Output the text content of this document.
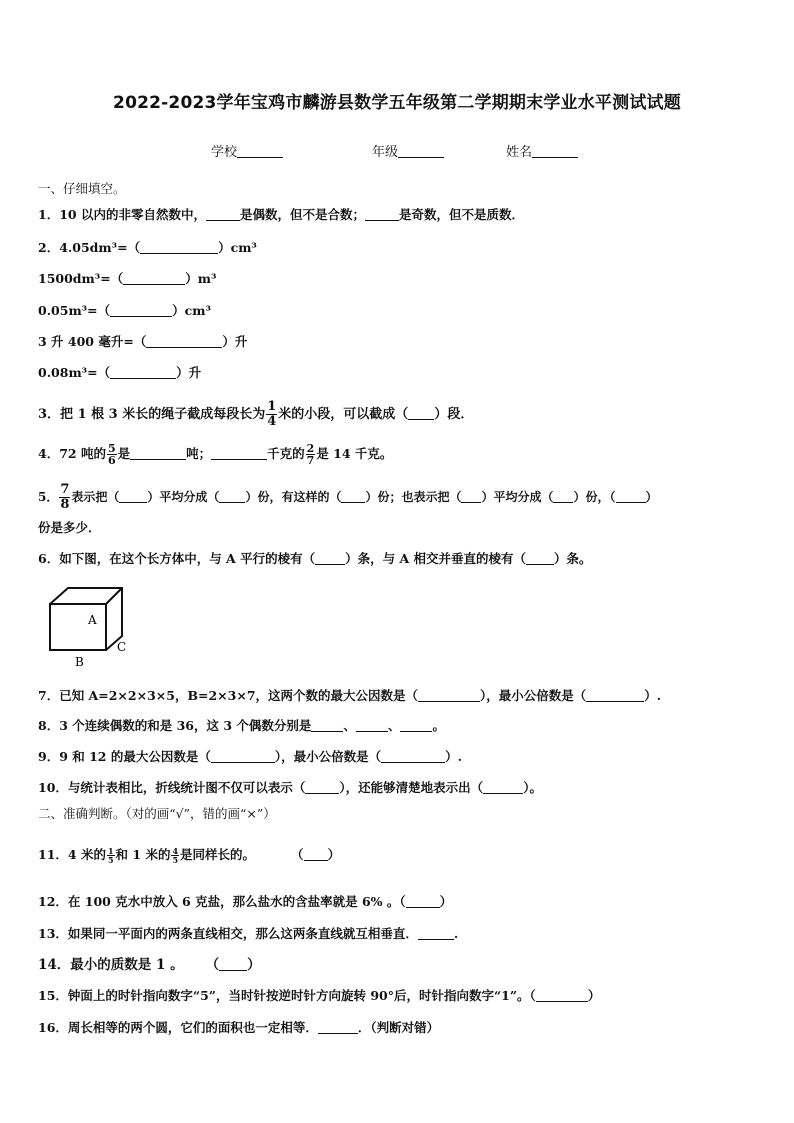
2022-2023学年宝鸡市麟游县数学五年级第二学期期末学业水平测试试题
学校	年级	姓名
一、仔细填空。
1．10 以内的非零自然数中，	是偶数，但不是合数；	是奇数，但不是质数．
2．4.05dm³=（	）cm³
1500dm³=（	）m³
0.05m³=（	）cm³
3 升 400 毫升=（	）升
0.08m³=（	）升
3．把 1 根 3 米长的绳子截成每段长为 $\frac{1}{4}$ 米的小段，可以截成（ ）段．
4．72 吨的 $\frac{5}{6}$ 是	吨；	千克的 $\frac{2}{7}$ 是 14 千克。
5． $\frac{7}{8}$ 表示把（ ）平均分成（ ）份，有这样的（ ）份；也表示把（ ）平均分成（ ）份，（	）
份是多少．
6．如下图，在这个长方体中，与 A 平行的棱有（ ）条，与 A 相交并垂直的棱有（ ）条。
A
B
C
7．已知 A=2×2×3×5，B=2×3×7，这两个数的最大公因数是（	），最小公倍数是（	）.
8．3 个连续偶数的和是 36，这 3 个偶数分别是	、	、	。
9．9 和 12 的最大公因数是（	），最小公倍数是（	）.
10．与统计表相比，折线统计图不仅可以表示（	），还能够清楚地表示出（	）。
二、准确判断。（对的画“√”，错的画“×”）
11．4 米的 $\frac{1}{5}$ 和 1 米的 $\frac{4}{5}$ 是同样长的。	（ ）
12．在 100 克水中放入 6 克盐，那么盐水的含盐率就是 6% 。（	）
13．如果同一平面内的两条直线相交，那么这两条直线就互相垂直．	.
14．最小的质数是 1 。 （ ）
15．钟面上的时针指向数字“5”，当时针按逆时针方向旋转 90°后，时针指向数字“1”。（	）
16．周长相等的两个圆，它们的面积也一定相等．	．（判断对错）
